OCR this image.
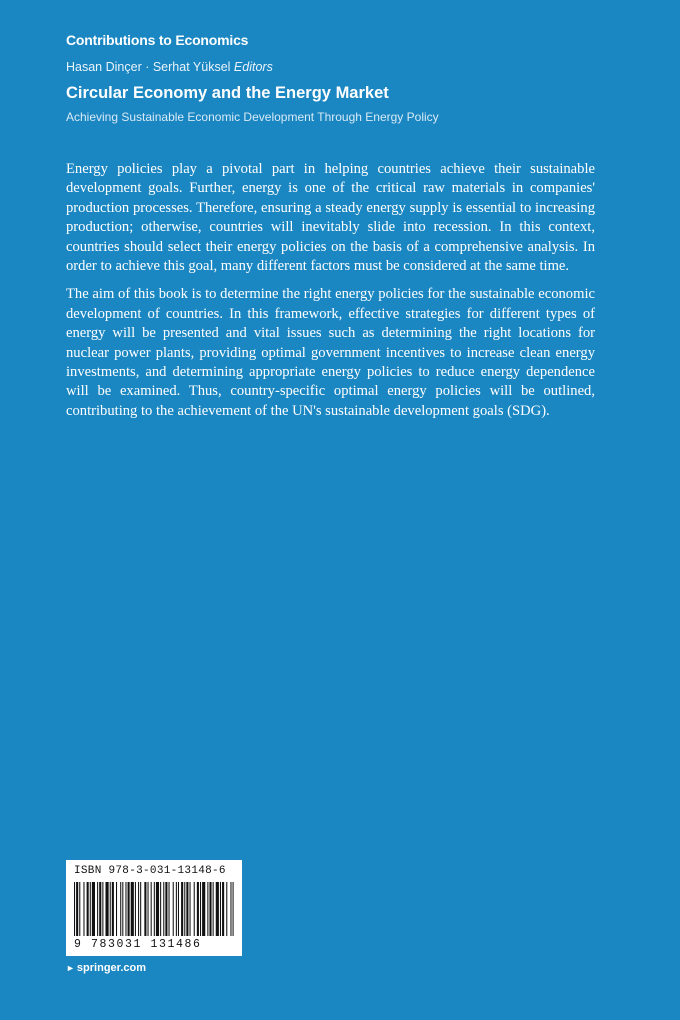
Contributions to Economics
Hasan Dinçer · Serhat Yüksel Editors
Circular Economy and the Energy Market
Achieving Sustainable Economic Development Through Energy Policy

Energy policies play a pivotal part in helping countries achieve their sustainable development goals. Further, energy is one of the critical raw materials in companies' production processes. Therefore, ensuring a steady energy supply is essential to increasing production; otherwise, countries will inevitably slide into recession. In this context, countries should select their energy policies on the basis of a comprehensive analysis. In order to achieve this goal, many different factors must be considered at the same time.

The aim of this book is to determine the right energy policies for the sustainable economic development of countries. In this framework, effective strategies for different types of energy will be presented and vital issues such as determining the right locations for nuclear power plants, providing optimal government incentives to increase clean energy investments, and determining appropriate energy policies to reduce energy dependence will be examined. Thus, country-specific optimal energy policies will be outlined, contributing to the achievement of the UN's sustainable development goals (SDG).

ISBN 978-3-031-13148-6
9 783031 131486
► springer.com
